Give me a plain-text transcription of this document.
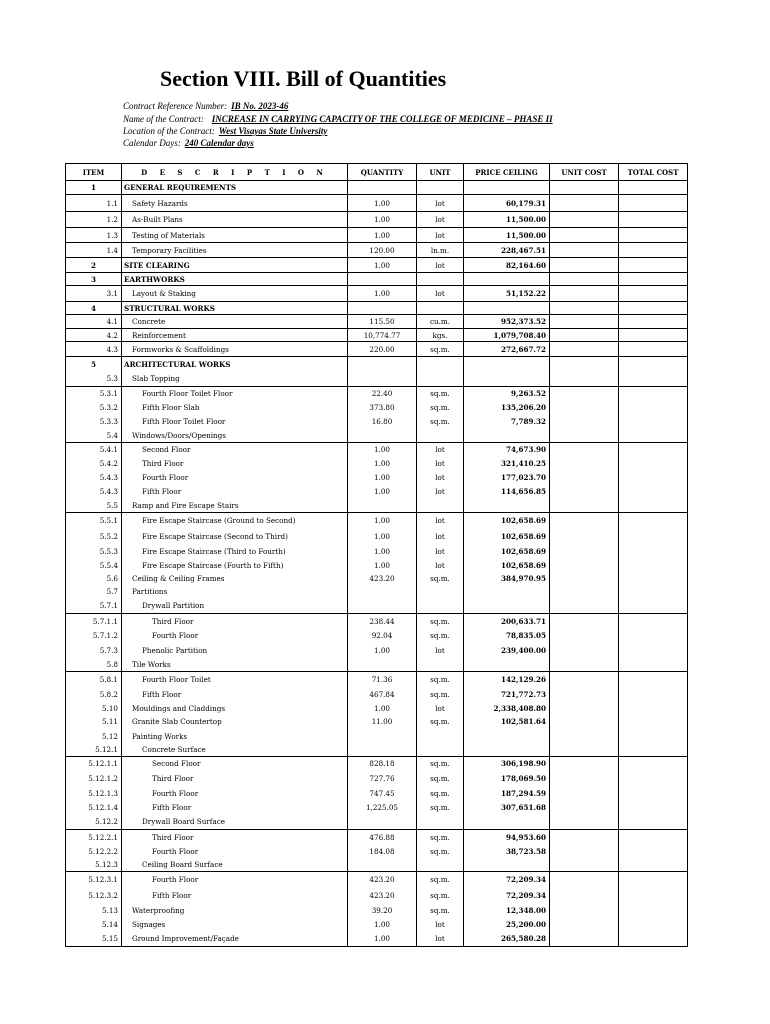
Section VIII. Bill of Quantities
Contract Reference Number: IB No. 2023-46
Name of the Contract: INCREASE IN CARRYING CAPACITY OF THE COLLEGE OF MEDICINE – PHASE II
Location of the Contract: West Visayas State University
Calendar Days: 240 Calendar days
ITEM	D E S C R I P T I O N	QUANTITY	UNIT	PRICE CEILING	UNIT COST	TOTAL COST
1	GENERAL REQUIREMENTS					
1.1	Safety Hazards	1.00	lot	60,179.31		
1.2	As-Built Plans	1.00	lot	11,500.00		
1.3	Testing of Materials	1.00	lot	11,500.00		
1.4	Temporary Facilities	120.00	ln.m.	228,467.51		
2	SITE CLEARING	1.00	lot	82,164.60		
3	EARTHWORKS					
3.1	Layout & Staking	1.00	lot	51,152.22		
4	STRUCTURAL WORKS					
4.1	Concrete	115.50	cu.m.	952,373.52		
4.2	Reinforcement	10,774.77	kgs.	1,079,708.40		
4.3	Formworks & Scaffoldings	220.00	sq.m.	272,667.72		
5	ARCHITECTURAL WORKS					
5.3	Slab Topping					
5.3.1	Fourth Floor Toilet Floor	22.40	sq.m.	9,263.52		
5.3.2	Fifth Floor Slab	373.80	sq.m.	135,206.20		
5.3.3	Fifth Floor Toilet Floor	16.80	sq.m.	7,789.32		
5.4	Windows/Doors/Openings					
5.4.1	Second Floor	1.00	lot	74,673.90		
5.4.2	Third Floor	1.00	lot	321,410.25		
5.4.3	Fourth Floor	1.00	lot	177,023.70		
5.4.3	Fifth Floor	1.00	lot	114,656.85		
5.5	Ramp and Fire Escape Stairs					
5.5.1	Fire Escape Staircase (Ground to Second)	1.00	lot	102,658.69		
5.5.2	Fire Escape Staircase (Second to Third)	1.00	lot	102,658.69		
5.5.3	Fire Escape Staircase (Third to Fourth)	1.00	lot	102,658.69		
5.5.4	Fire Escape Staircase (Fourth to Fifth)	1.00	lot	102,658.69		
5.6	Ceiling & Ceiling Frames	423.20	sq.m.	384,970.95		
5.7	Partitions					
5.7.1	Drywall Partition					
5.7.1.1	Third Floor	238.44	sq.m.	200,633.71		
5.7.1.2	Fourth Floor	92.04	sq.m.	78,835.05		
5.7.3	Phenolic Partition	1.00	lot	239,400.00		
5.8	Tile Works					
5.8.1	Fourth Floor Toilet	71.36	sq.m.	142,129.26		
5.8.2	Fifth Floor	467.84	sq.m.	721,772.73		
5.10	Mouldings and Claddings	1.00	lot	2,338,408.80		
5.11	Granite Slab Countertop	11.00	sq.m.	102,581.64		
5.12	Painting Works					
5.12.1	Concrete Surface					
5.12.1.1	Second Floor	828.18	sq.m.	306,198.90		
5.12.1.2	Third Floor	727.76	sq.m.	178,069.50		
5.12.1.3	Fourth Floor	747.45	sq.m.	187,294.59		
5.12.1.4	Fifth Floor	1,225.05	sq.m.	307,651.68		
5.12.2	Drywall Board Surface					
5.12.2.1	Third Floor	476.88	sq.m.	94,953.60		
5.12.2.2	Fourth Floor	184.08	sq.m.	38,723.58		
5.12.3	Ceiling Board Surface					
5.12.3.1	Fourth Floor	423.20	sq.m.	72,209.34		
5.12.3.2	Fifth Floor	423.20	sq.m.	72,209.34		
5.13	Waterproofing	39.20	sq.m.	12,348.00		
5.14	Signages	1.00	lot	25,200.00		
5.15	Ground Improvement/Façade	1.00	lot	265,580.28		
